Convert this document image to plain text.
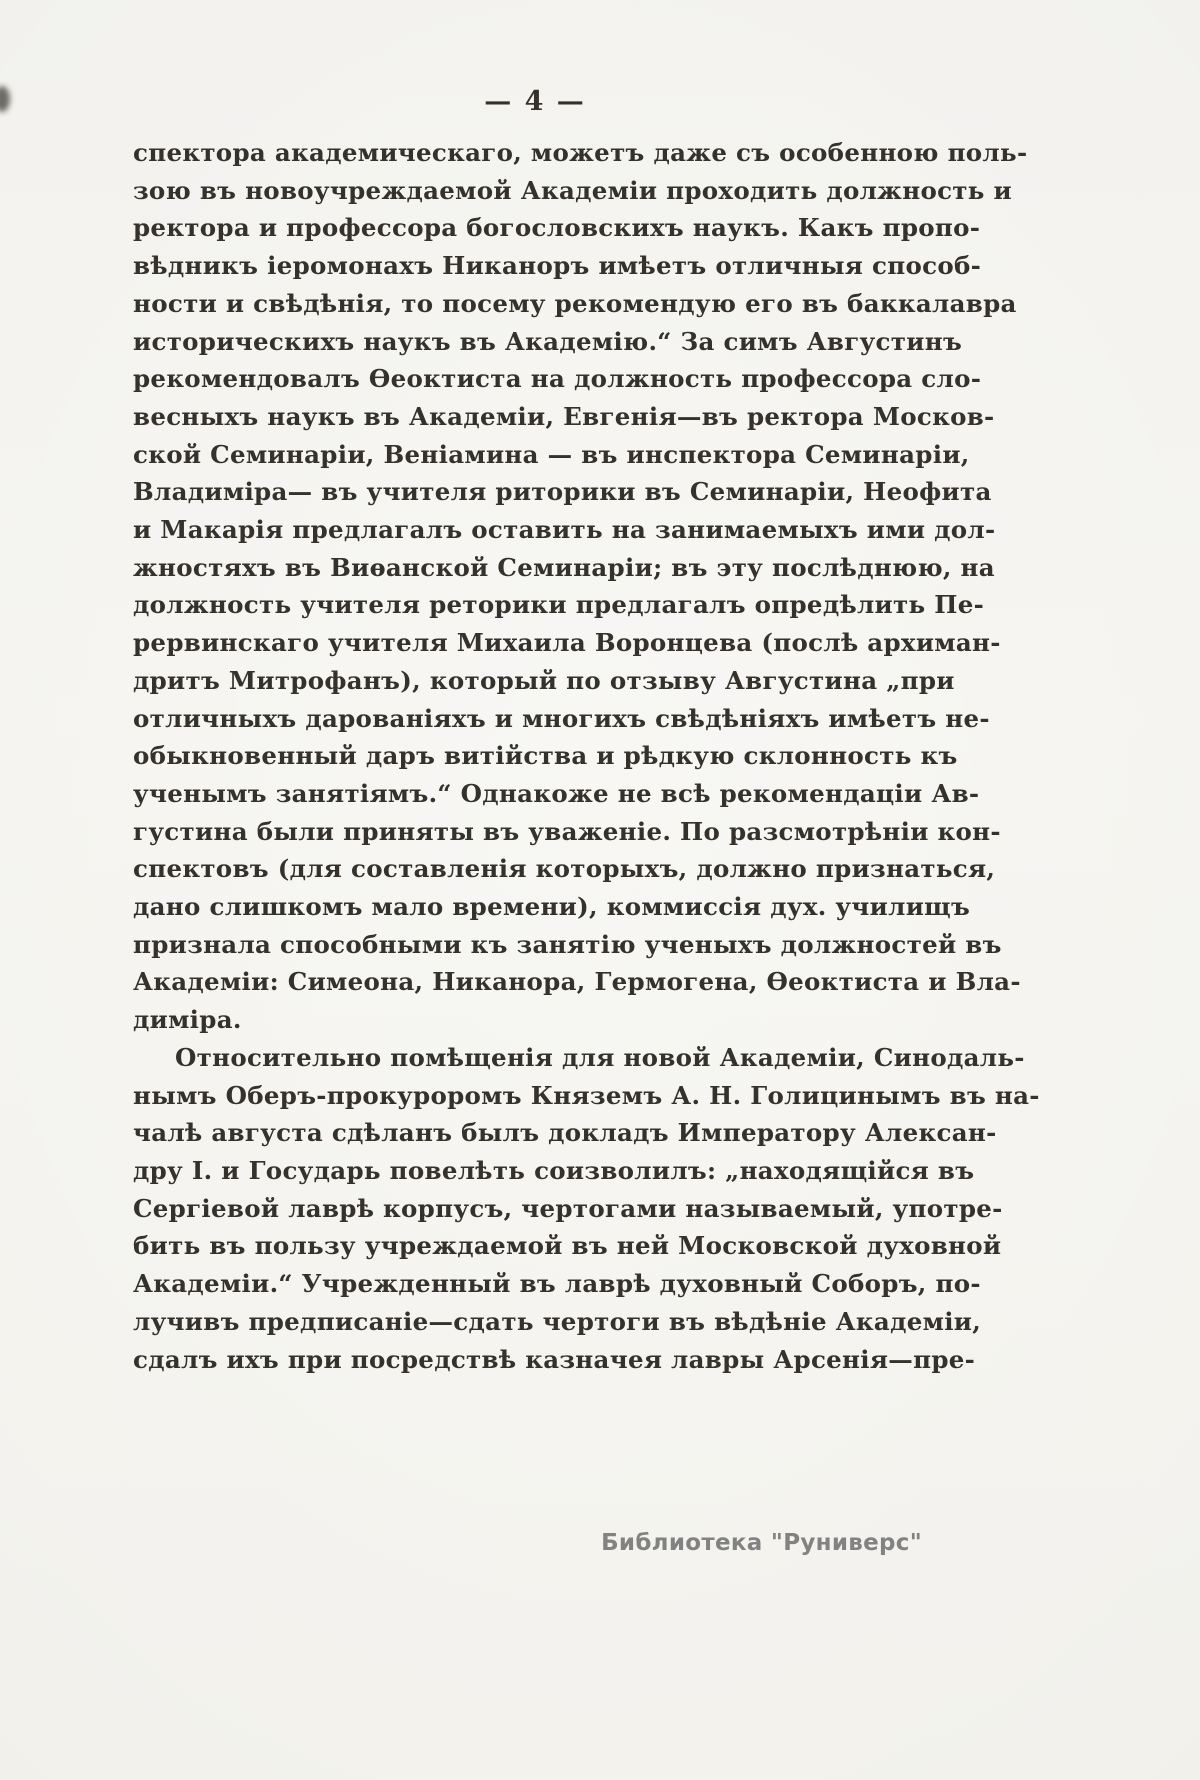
— 4 —
спектора академическаго, можетъ даже съ особенною поль-
зою въ новоучреждаемой Академіи проходить должность и
ректора и профессора богословскихъ наукъ. Какъ пропо-
вѣдникъ іеромонахъ Никаноръ имѣетъ отличныя способ-
ности и свѣдѣнія, то посему рекомендую его въ баккалавра
историческихъ наукъ въ Академію.“ За симъ Августинъ
рекомендовалъ Ѳеоктиста на должность профессора сло-
весныхъ наукъ въ Академіи, Евгенія—въ ректора Москов-
ской Семинаріи, Веніамина — въ инспектора Семинаріи,
Владиміра— въ учителя риторики въ Семинаріи, Неофита
и Макарія предлагалъ оставить на занимаемыхъ ими дол-
жностяхъ въ Виѳанской Семинаріи; въ эту послѣднюю, на
должность учителя реторики предлагалъ опредѣлить Пе-
рервинскаго учителя Михаила Воронцева (послѣ архиман-
дритъ Митрофанъ), который по отзыву Августина „при
отличныхъ дарованіяхъ и многихъ свѣдѣніяхъ имѣетъ не-
обыкновенный даръ витійства и рѣдкую склонность къ
ученымъ занятіямъ.“ Однакоже не всѣ рекомендаціи Ав-
густина были приняты въ уваженіе. По разсмотрѣніи кон-
спектовъ (для составленія которыхъ, должно признаться,
дано слишкомъ мало времени), коммиссія дух. училищъ
признала способными къ занятію ученыхъ должностей въ
Академіи: Симеона, Никанора, Гермогена, Ѳеоктиста и Вла-
диміра.
Относительно помѣщенія для новой Академіи, Синодаль-
нымъ Оберъ-прокуроромъ Княземъ А. Н. Голицинымъ въ на-
чалѣ августа сдѣланъ былъ докладъ Императору Алексан-
дру I. и Государь повелѣть соизволилъ: „находящійся въ
Сергіевой лаврѣ корпусъ, чертогами называемый, употре-
бить въ пользу учреждаемой въ ней Московской духовной
Академіи.“ Учрежденный въ лаврѣ духовный Соборъ, по-
лучивъ предписаніе—сдать чертоги въ вѣдѣніе Академіи,
сдалъ ихъ при посредствѣ казначея лавры Арсенія—пре-
Библиотека "Руниверс"
